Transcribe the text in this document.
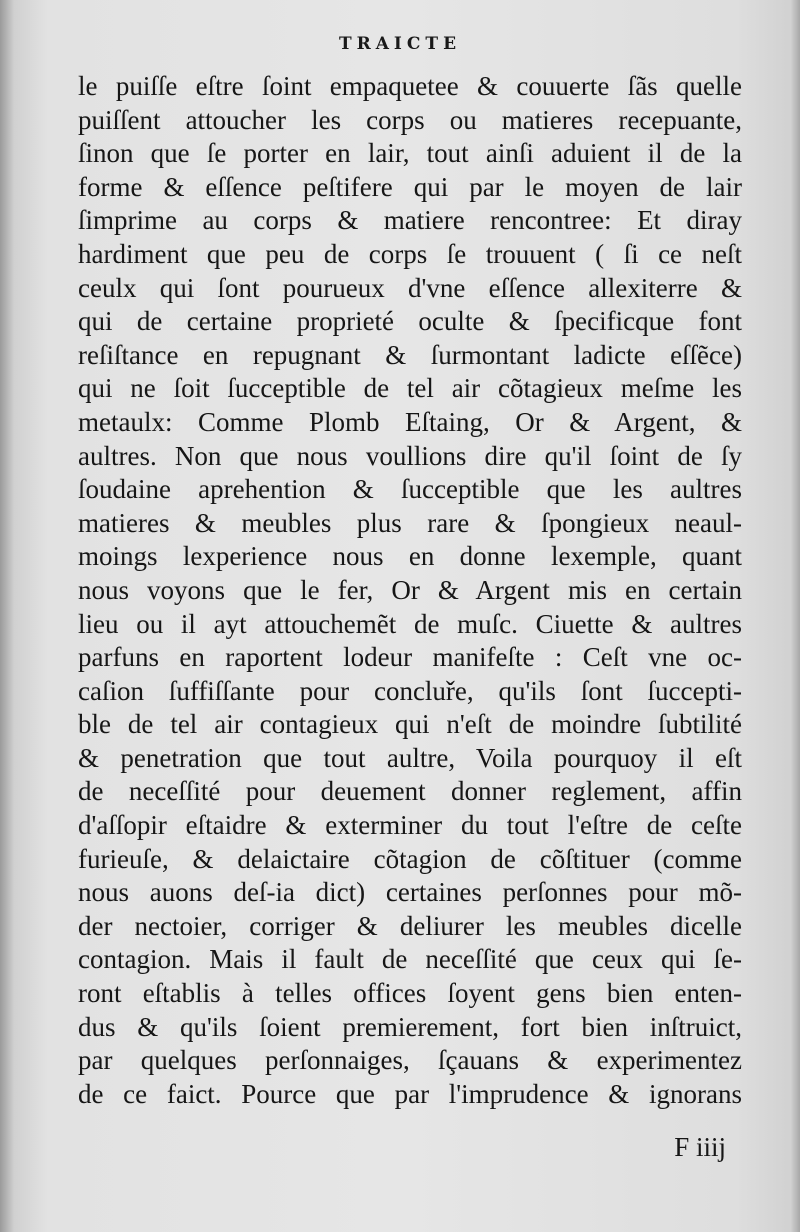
TRAICTE
le puiſſe eſtre ſoint empaquetee & couuerte ſãs quelle
puiſſent attoucher les corps ou matieres recepuante,
ſinon que ſe porter en lair, tout ainſi aduient il de la
forme & eſſence peſtifere qui par le moyen de lair
ſimprime au corps & matiere rencontree: Et diray
hardiment que peu de corps ſe trouuent ( ſi ce neſt
ceulx qui ſont pourueux d'vne eſſence allexiterre &
qui de certaine proprieté oculte & ſpecificque font
reſiſtance en repugnant & ſurmontant ladicte eſſẽce)
qui ne ſoit ſucceptible de tel air cõtagieux meſme les
metaulx: Comme Plomb Eſtaing, Or & Argent, &
aultres. Non que nous voullions dire qu'il ſoint de ſy
ſoudaine aprehention & ſucceptible que les aultres
matieres & meubles plus rare & ſpongieux neaul-
moings lexperience nous en donne lexemple, quant
nous voyons que le fer, Or & Argent mis en certain
lieu ou il ayt attouchemẽt de muſc. Ciuette & aultres
parfuns en raportent lodeur manifeſte : Ceſt vne oc-
caſion ſuffiſſante pour concluře, qu'ils ſont ſuccepti-
ble de tel air contagieux qui n'eſt de moindre ſubtilité
& penetration que tout aultre, Voila pourquoy il eſt
de neceſſité pour deuement donner reglement, affin
d'aſſopir eſtaidre & exterminer du tout l'eſtre de ceſte
furieuſe, & delaictaire cõtagion de cõſtituer (comme
nous auons deſ-ia dict) certaines perſonnes pour mõ-
der nectoier, corriger & deliurer les meubles dicelle
contagion. Mais il fault de neceſſité que ceux qui ſe-
ront eſtablis à telles offices ſoyent gens bien enten-
dus & qu'ils ſoient premierement, fort bien inſtruict,
par quelques perſonnaiges, ſçauans & experimentez
de ce faict. Pource que par l'imprudence & ignorans
F iiij
